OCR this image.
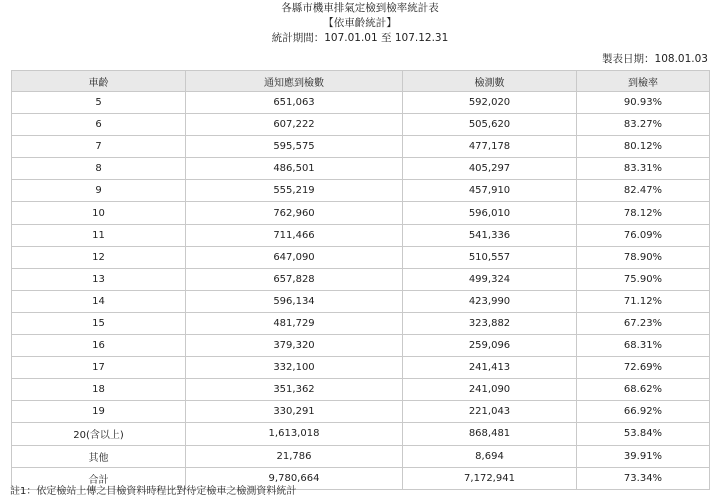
各縣市機車排氣定檢到檢率統計表
【依車齡統計】
統計期間：107.01.01 至 107.12.31
製表日期：108.01.03
車齡	通知應到檢數	檢測數	到檢率
5	651,063	592,020	90.93%
6	607,222	505,620	83.27%
7	595,575	477,178	80.12%
8	486,501	405,297	83.31%
9	555,219	457,910	82.47%
10	762,960	596,010	78.12%
11	711,466	541,336	76.09%
12	647,090	510,557	78.90%
13	657,828	499,324	75.90%
14	596,134	423,990	71.12%
15	481,729	323,882	67.23%
16	379,320	259,096	68.31%
17	332,100	241,413	72.69%
18	351,362	241,090	68.62%
19	330,291	221,043	66.92%
20(含以上)	1,613,018	868,481	53.84%
其他	21,786	8,694	39.91%
合計	9,780,664	7,172,941	73.34%
註1：依定檢站上傳之目檢資料時程比對待定檢車之檢測資料統計
